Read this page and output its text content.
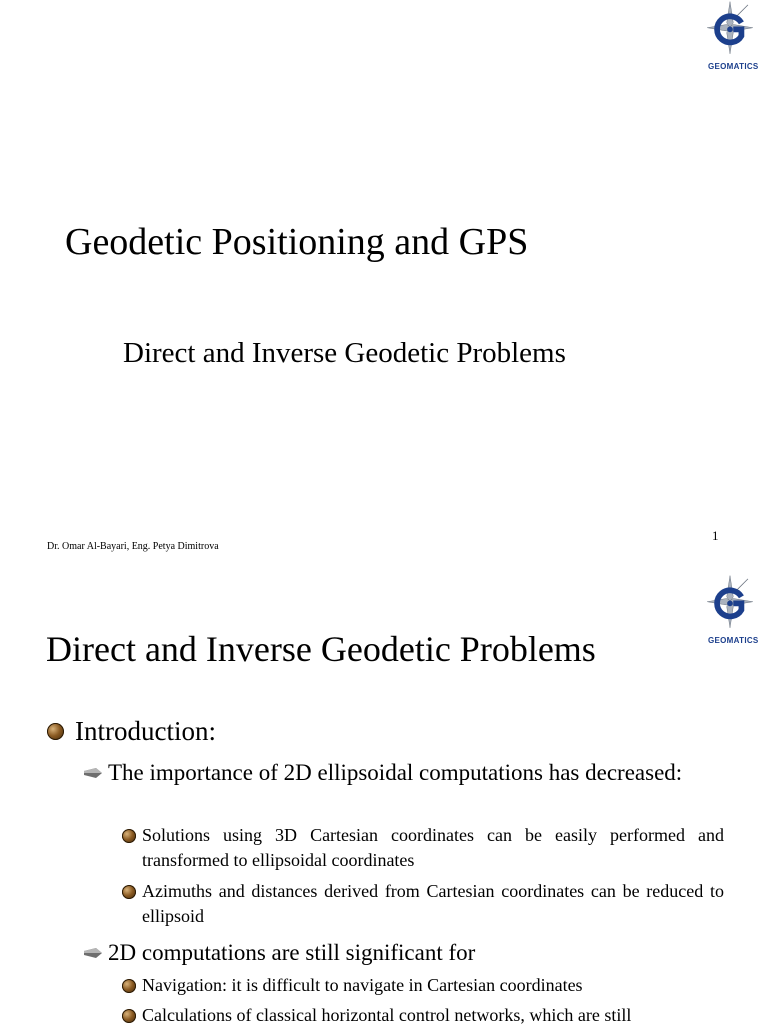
GEOMATICS
Geodetic Positioning and GPS
Direct and Inverse Geodetic Problems
Dr. Omar Al-Bayari, Eng. Petya Dimitrova
1
GEOMATICS
Direct and Inverse Geodetic Problems
Introduction:
The importance of 2D ellipsoidal computations has decreased:
Solutions using 3D Cartesian coordinates can be easily performed and transformed to ellipsoidal coordinates
Azimuths and distances derived from Cartesian coordinates can be reduced to ellipsoid
2D computations are still significant for
Navigation: it is difficult to navigate in Cartesian coordinates
Calculations of classical horizontal control networks, which are still
